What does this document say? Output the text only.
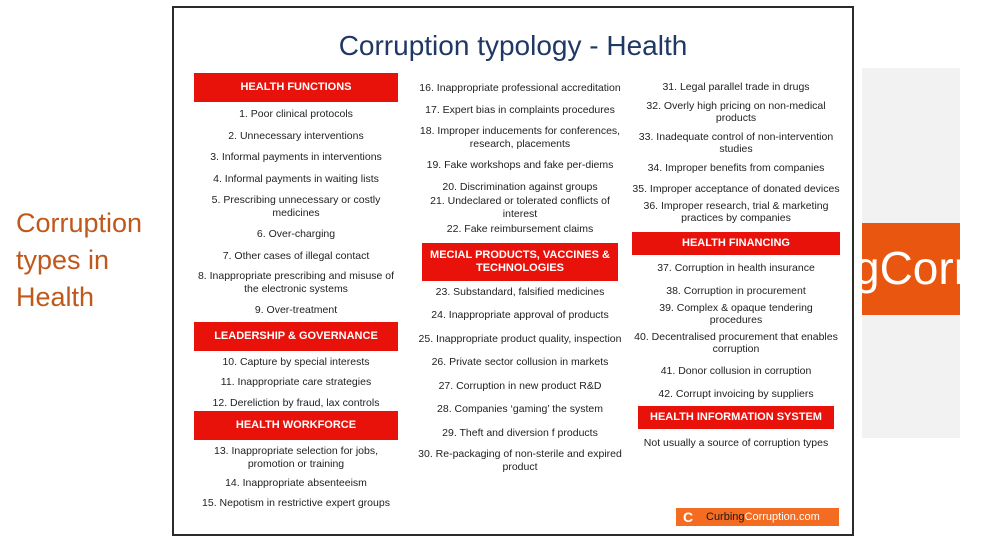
Corruption types in Health
gCorru
Corruption typology - Health
HEALTH FUNCTIONS
1. Poor clinical protocols
2. Unnecessary interventions
3. Informal payments in interventions
4. Informal payments in waiting lists
5. Prescribing unnecessary or costly medicines
6. Over-charging
7. Other cases of illegal contact
8. Inappropriate prescribing and misuse of the electronic systems
9. Over-treatment
LEADERSHIP & GOVERNANCE
10. Capture by special interests
11. Inappropriate care strategies
12. Dereliction by fraud, lax controls
HEALTH WORKFORCE
13. Inappropriate selection for jobs, promotion or training
14. Inappropriate absenteeism
15. Nepotism in restrictive expert groups
16. Inappropriate professional accreditation
17. Expert bias in complaints procedures
18. Improper inducements for conferences, research, placements
19. Fake workshops and fake per-diems
20. Discrimination against groups
21. Undeclared or tolerated conflicts of interest
22. Fake reimbursement claims
MECIAL PRODUCTS, VACCINES & TECHNOLOGIES
23. Substandard, falsified medicines
24. Inappropriate approval of products
25. Inappropriate product quality, inspection
26. Private sector collusion in markets
27. Corruption in new product R&D
28. Companies ‘gaming’ the system
29. Theft and diversion f products
30. Re-packaging of non-sterile and expired product
31. Legal parallel trade in drugs
32. Overly high pricing on non-medical products
33. Inadequate control of non-intervention studies
34. Improper benefits from companies
35. Improper acceptance of donated devices
36. Improper research, trial & marketing practices by companies
HEALTH FINANCING
37. Corruption in health insurance
38. Corruption in procurement
39. Complex & opaque tendering procedures
40. Decentralised procurement that enables corruption
41. Donor collusion in corruption
42. Corrupt invoicing by suppliers
HEALTH INFORMATION SYSTEM
Not usually a source of corruption types
C CurbingCorruption.com
